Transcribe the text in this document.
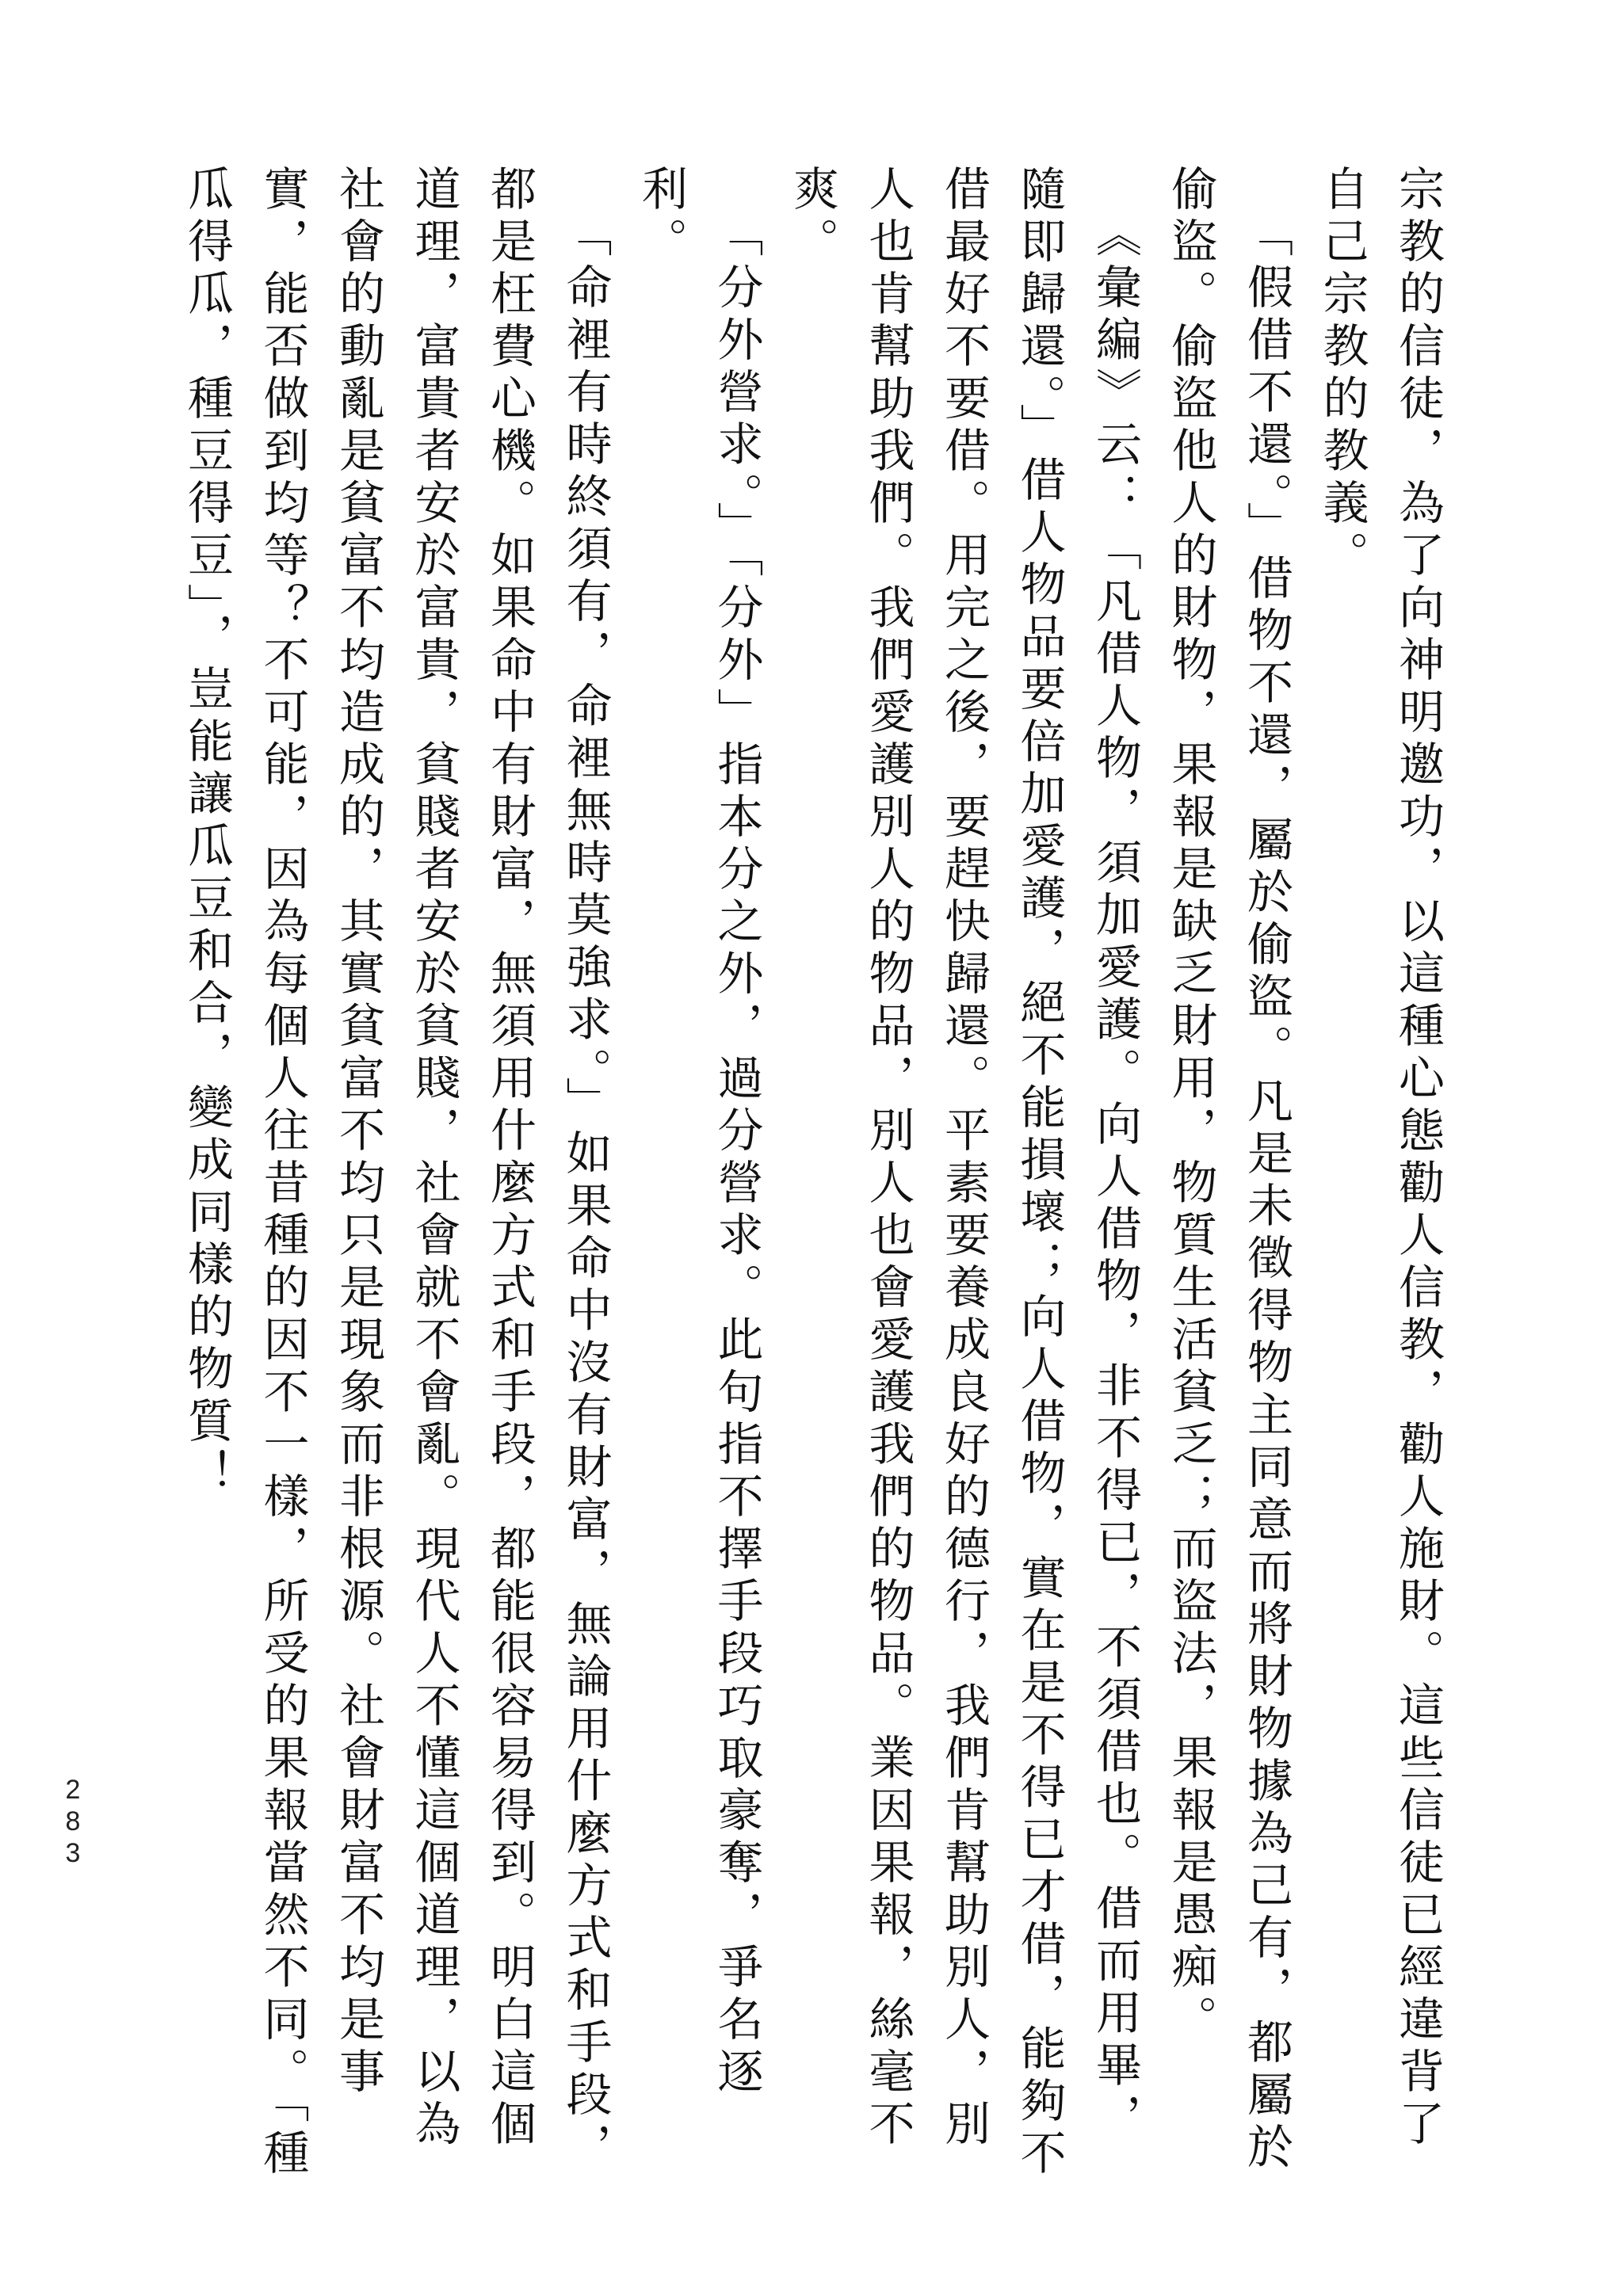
宗教的信徒，為了向神明邀功，以這種心態勸人信教，勸人施財。這些信徒已經違背了自己宗教的教義。

「假借不還。」借物不還，屬於偷盜。凡是未徵得物主同意而將財物據為己有，都屬於偷盜。偷盜他人的財物，果報是缺乏財用，物質生活貧乏；而盜法，果報是愚痴。

《彙編》云：「凡借人物，須加愛護。向人借物，非不得已，不須借也。借而用畢，隨即歸還。」借人物品要倍加愛護，絕不能損壞；向人借物，實在是不得已才借，能夠不借最好不要借。用完之後，要趕快歸還。平素要養成良好的德行，我們肯幫助別人，別人也肯幫助我們。我們愛護別人的物品，別人也會愛護我們的物品。業因果報，絲毫不爽。

「分外營求。」「分外」指本分之外，過分營求。此句指不擇手段巧取豪奪，爭名逐利。

「命裡有時終須有，命裡無時莫強求。」如果命中沒有財富，無論用什麼方式和手段，都是枉費心機。如果命中有財富，無須用什麼方式和手段，都能很容易得到。明白這個道理，富貴者安於富貴，貧賤者安於貧賤，社會就不會亂。現代人不懂這個道理，以為社會的動亂是貧富不均造成的，其實貧富不均只是現象而非根源。社會財富不均是事實，能否做到均等？不可能，因為每個人往昔種的因不一樣，所受的果報當然不同。「種瓜得瓜，種豆得豆」，豈能讓瓜豆和合，變成同樣的物質！

283
